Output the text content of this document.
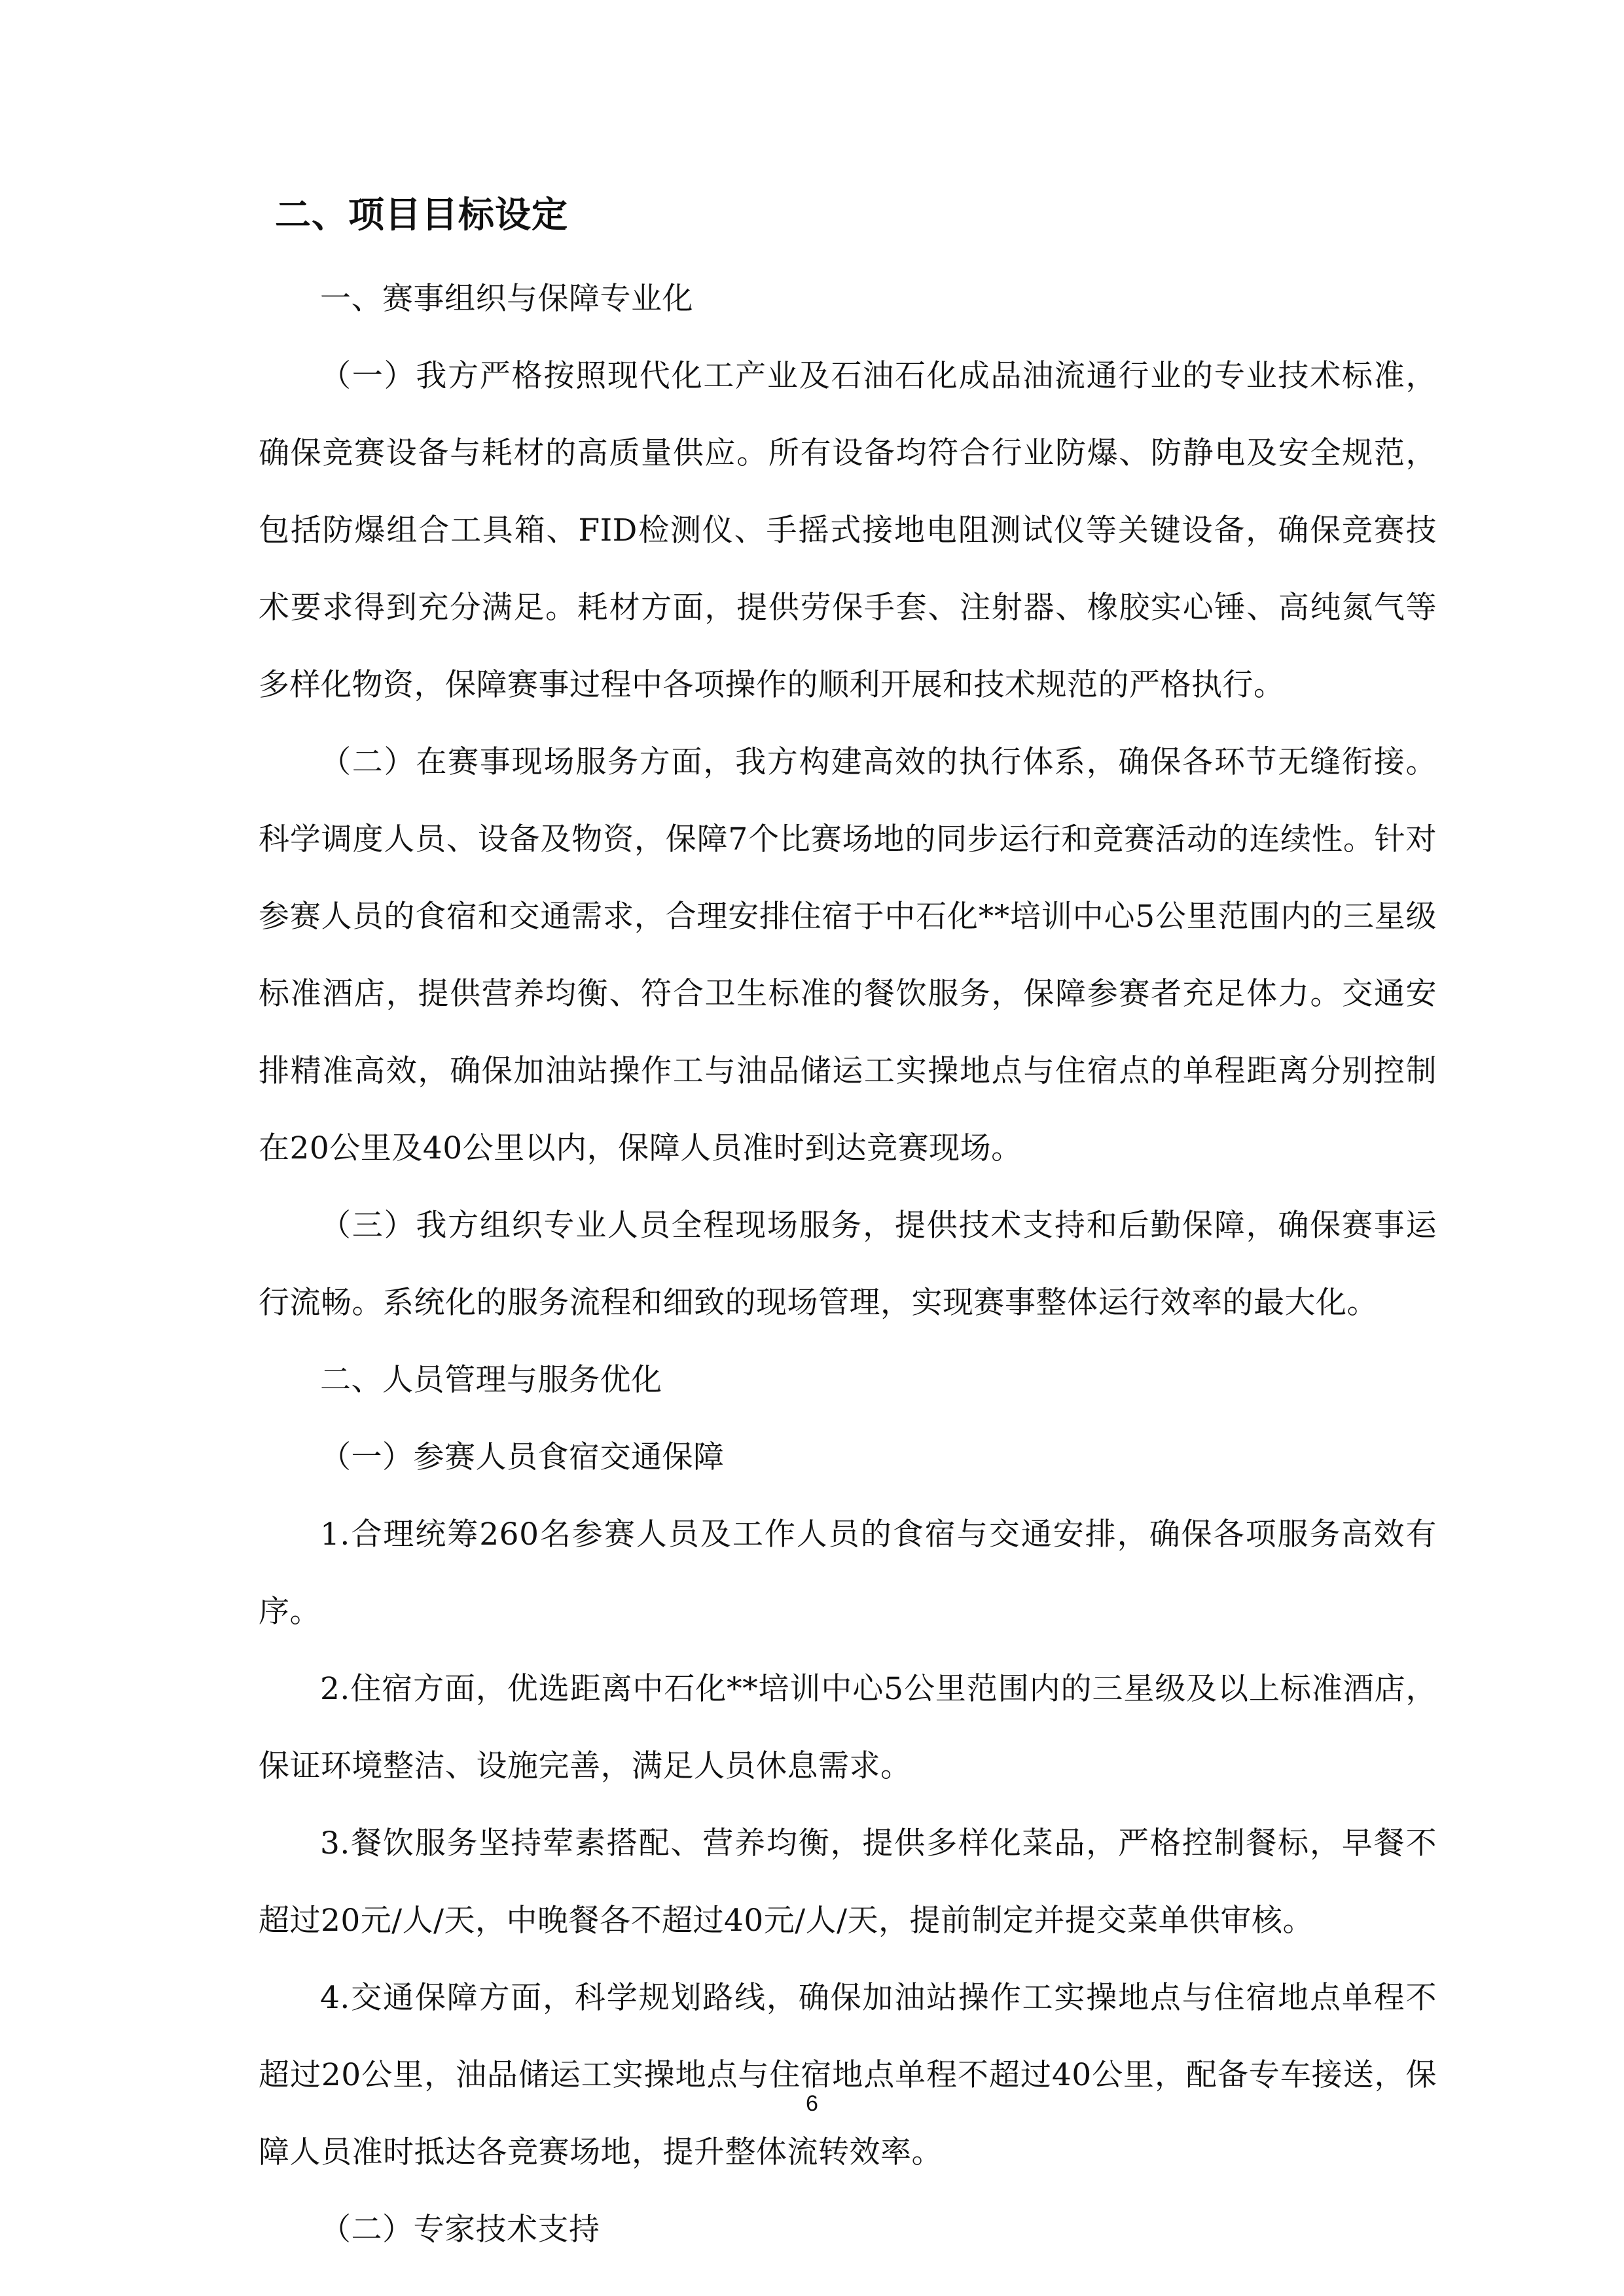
二、项目目标设定

一、赛事组织与保障专业化

（一）我方严格按照现代化工产业及石油石化成品油流通行业的专业技术标准，确保竞赛设备与耗材的高质量供应。所有设备均符合行业防爆、防静电及安全规范，包括防爆组合工具箱、FID检测仪、手摇式接地电阻测试仪等关键设备，确保竞赛技术要求得到充分满足。耗材方面，提供劳保手套、注射器、橡胶实心锤、高纯氮气等多样化物资，保障赛事过程中各项操作的顺利开展和技术规范的严格执行。

（二）在赛事现场服务方面，我方构建高效的执行体系，确保各环节无缝衔接。科学调度人员、设备及物资，保障7个比赛场地的同步运行和竞赛活动的连续性。针对参赛人员的食宿和交通需求，合理安排住宿于中石化**培训中心5公里范围内的三星级标准酒店，提供营养均衡、符合卫生标准的餐饮服务，保障参赛者充足体力。交通安排精准高效，确保加油站操作工与油品储运工实操地点与住宿点的单程距离分别控制在20公里及40公里以内，保障人员准时到达竞赛现场。

（三）我方组织专业人员全程现场服务，提供技术支持和后勤保障，确保赛事运行流畅。系统化的服务流程和细致的现场管理，实现赛事整体运行效率的最大化。

二、人员管理与服务优化

（一）参赛人员食宿交通保障

1.合理统筹260名参赛人员及工作人员的食宿与交通安排，确保各项服务高效有序。

2.住宿方面，优选距离中石化**培训中心5公里范围内的三星级及以上标准酒店，保证环境整洁、设施完善，满足人员休息需求。

3.餐饮服务坚持荤素搭配、营养均衡，提供多样化菜品，严格控制餐标，早餐不超过20元/人/天，中晚餐各不超过40元/人/天，提前制定并提交菜单供审核。

4.交通保障方面，科学规划路线，确保加油站操作工实操地点与住宿地点单程不超过20公里，油品储运工实操地点与住宿地点单程不超过40公里，配备专车接送，保障人员准时抵达各竞赛场地，提升整体流转效率。

（二）专家技术支持

6
